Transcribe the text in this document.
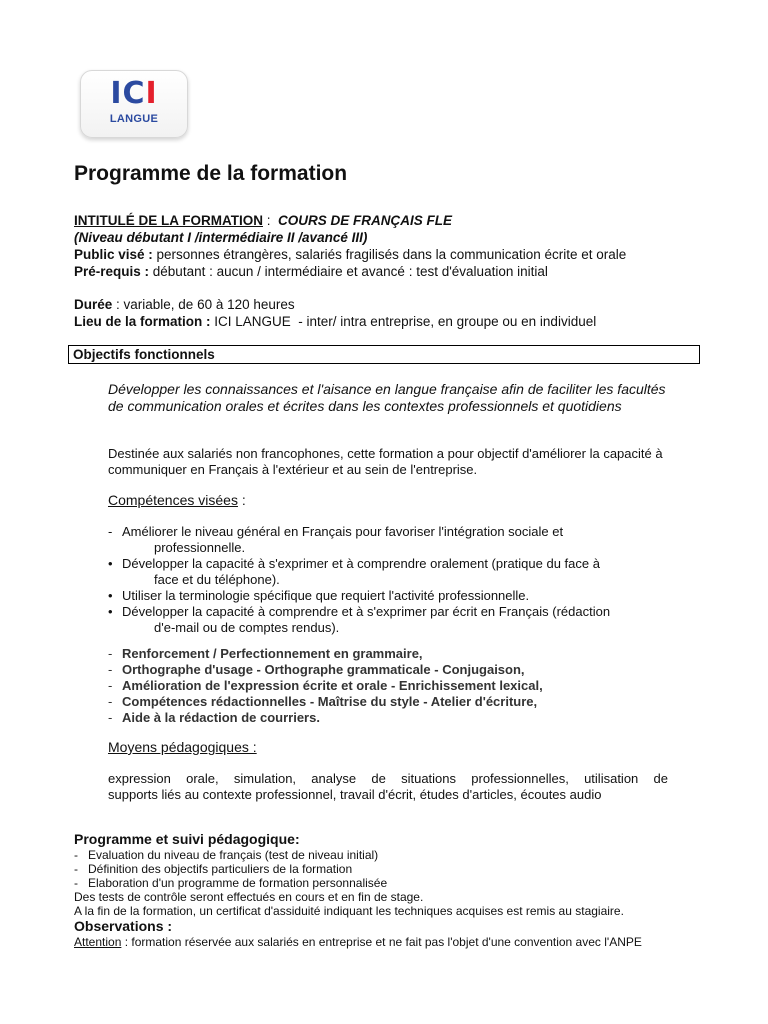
ICI
LANGUE
Programme de la formation
INTITULÉ DE LA FORMATION :  COURS DE FRANÇAIS FLE
(Niveau débutant I /intermédiaire II /avancé III)
Public visé : personnes étrangères, salariés fragilisés dans la communication écrite et orale
Pré-requis : débutant : aucun / intermédiaire et avancé : test d'évaluation initial
Durée : variable, de 60 à 120 heures
Lieu de la formation : ICI LANGUE  - inter/ intra entreprise, en groupe ou en individuel
Objectifs fonctionnels
Développer les connaissances et l'aisance en langue française afin de faciliter les facultés de communication orales et écrites dans les contextes professionnels et quotidiens
Destinée aux salariés non francophones, cette formation a pour objectif d'améliorer la capacité à communiquer en Français à l'extérieur et au sein de l'entreprise.
Compétences visées :
- Améliorer le niveau général en Français pour favoriser l'intégration sociale et
professionnelle.
• Développer la capacité à s'exprimer et à comprendre oralement (pratique du face à
face et du téléphone).
• Utiliser la terminologie spécifique que requiert l'activité professionnelle.
• Développer la capacité à comprendre et à s'exprimer par écrit en Français (rédaction
d'e-mail ou de comptes rendus).
- Renforcement / Perfectionnement en grammaire,
- Orthographe d'usage - Orthographe grammaticale - Conjugaison,
- Amélioration de l'expression écrite et orale - Enrichissement lexical,
- Compétences rédactionnelles - Maîtrise du style - Atelier d'écriture,
- Aide à la rédaction de courriers.
Moyens pédagogiques :
expression orale, simulation, analyse de situations professionnelles, utilisation de
supports liés au contexte professionnel, travail d'écrit, études d'articles, écoutes audio
Programme et suivi pédagogique:
- Evaluation du niveau de français (test de niveau initial)
- Définition des objectifs particuliers de la formation
- Elaboration d'un programme de formation personnalisée
Des tests de contrôle seront effectués en cours et en fin de stage.
A la fin de la formation, un certificat d'assiduité indiquant les techniques acquises est remis au stagiaire.
Observations :
Attention : formation réservée aux salariés en entreprise et ne fait pas l'objet d'une convention avec l'ANPE
